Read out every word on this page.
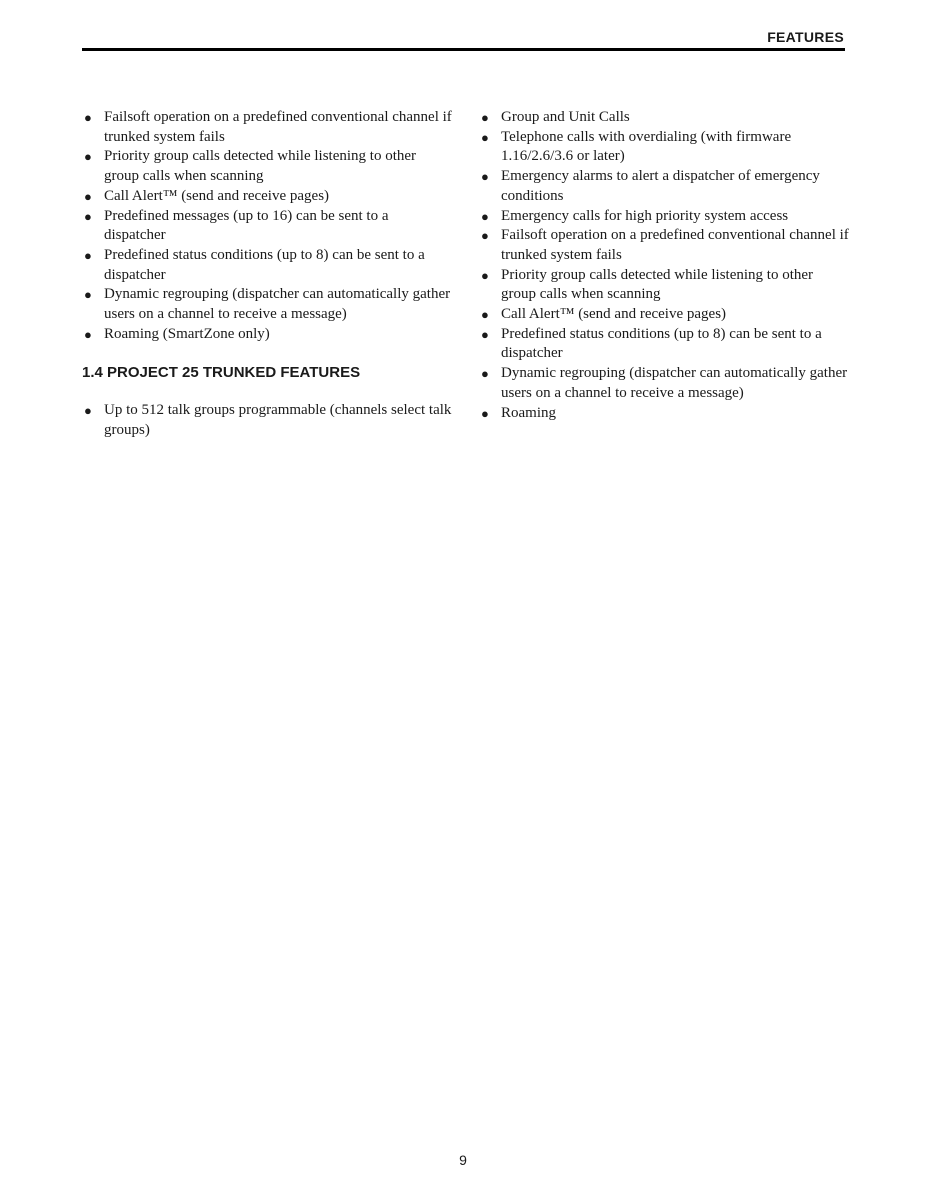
FEATURES
● Failsoft operation on a predefined conventional channel if trunked system fails
● Priority group calls detected while listening to other group calls when scanning
● Call Alert™ (send and receive pages)
● Predefined messages (up to 16) can be sent to a dispatcher
● Predefined status conditions (up to 8) can be sent to a dispatcher
● Dynamic regrouping (dispatcher can automatically gather users on a channel to receive a message)
● Roaming (SmartZone only)
1.4 PROJECT 25 TRUNKED FEATURES
● Up to 512 talk groups programmable (channels select talk groups)
● Group and Unit Calls
● Telephone calls with overdialing (with firmware 1.16/2.6/3.6 or later)
● Emergency alarms to alert a dispatcher of emergency conditions
● Emergency calls for high priority system access
● Failsoft operation on a predefined conventional channel if trunked system fails
● Priority group calls detected while listening to other group calls when scanning
● Call Alert™ (send and receive pages)
● Predefined status conditions (up to 8) can be sent to a dispatcher
● Dynamic regrouping (dispatcher can automatically gather users on a channel to receive a message)
● Roaming
9
